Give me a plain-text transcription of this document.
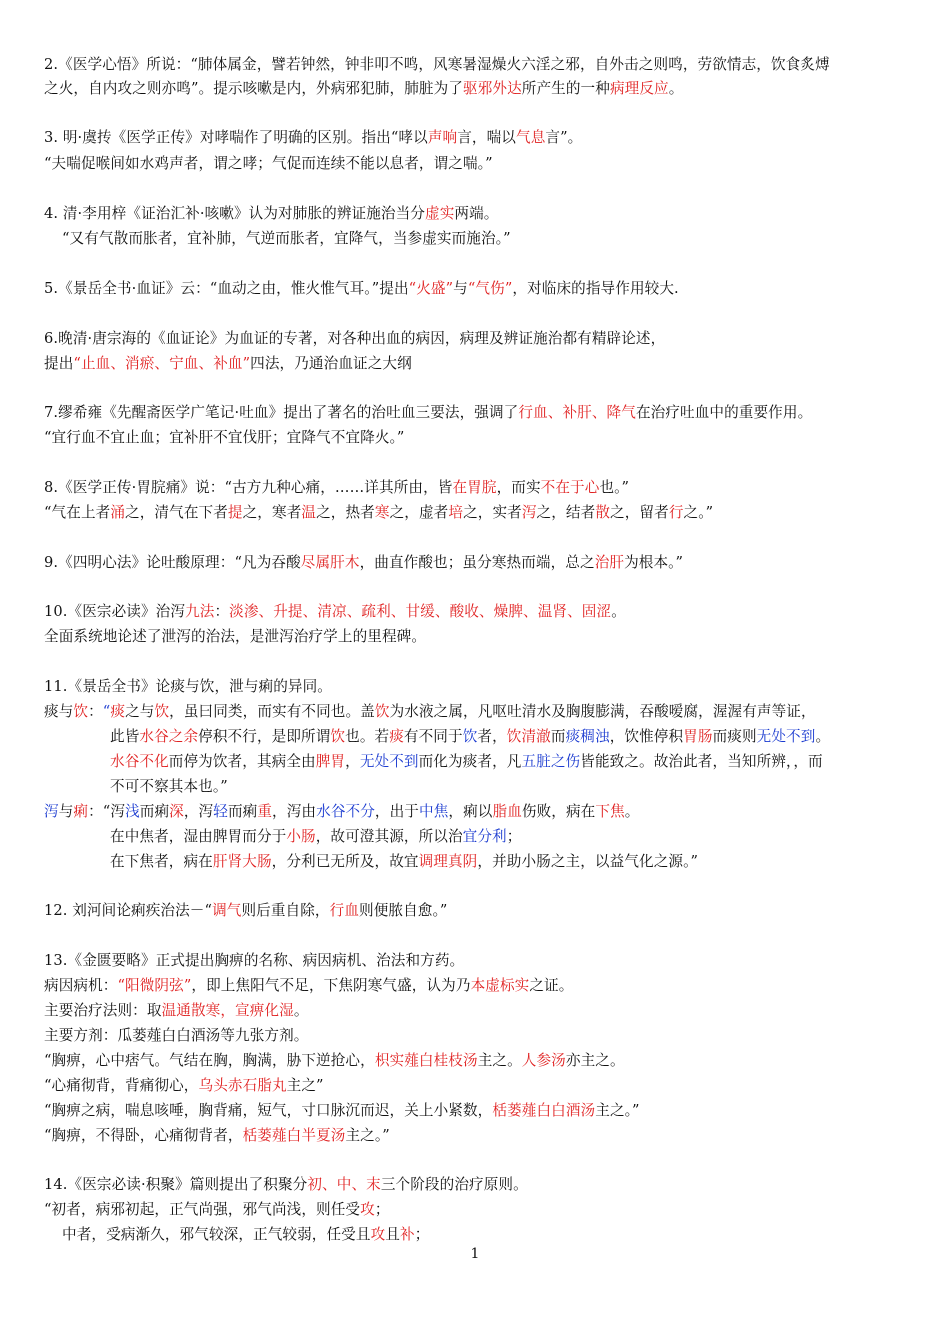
2.《医学心悟》所说：“肺体属金，譬若钟然，钟非叩不鸣，风寒暑湿燥火六淫之邪，自外击之则鸣，劳欲情志，饮食炙煿
之火，自内攻之则亦鸣”。提示咳嗽是内，外病邪犯肺，肺脏为了驱邪外达所产生的一种病理反应。
3. 明·虞抟《医学正传》对哮喘作了明确的区别。指出“哮以声响言，喘以气息言”。
“夫喘促喉间如水鸡声者，谓之哮；气促而连续不能以息者，谓之喘。”
4. 清·李用梓《证治汇补·咳嗽》认为对肺胀的辨证施治当分虚实两端。
“又有气散而胀者，宜补肺，气逆而胀者，宜降气，当参虚实而施治。”
5.《景岳全书·血证》云：“血动之由，惟火惟气耳。”提出“火盛”与“气伤”，对临床的指导作用较大.
6.晚清·唐宗海的《血证论》为血证的专著，对各种出血的病因，病理及辨证施治都有精辟论述，
提出“止血、消瘀、宁血、补血”四法，乃通治血证之大纲
7.缪希雍《先醒斋医学广笔记·吐血》提出了著名的治吐血三要法，强调了行血、补肝、降气在治疗吐血中的重要作用。
“宜行血不宜止血；宜补肝不宜伐肝；宜降气不宜降火。”
8.《医学正传·胃脘痛》说：“古方九种心痛，……详其所由，皆在胃脘，而实不在于心也。”
“气在上者涌之，清气在下者提之，寒者温之，热者寒之，虚者培之，实者泻之，结者散之，留者行之。”
9.《四明心法》论吐酸原理：“凡为吞酸尽属肝木，曲直作酸也；虽分寒热而端，总之治肝为根本。”
10.《医宗必读》治泻九法：淡渗、升提、清凉、疏利、甘缓、酸收、燥脾、温肾、固涩。
全面系统地论述了泄泻的治法，是泄泻治疗学上的里程碑。
11.《景岳全书》论痰与饮，泄与痢的异同。
痰与饮：“痰之与饮，虽曰同类，而实有不同也。盖饮为水液之属，凡呕吐清水及胸腹膨满，吞酸嗳腐，渥渥有声等证，
此皆水谷之余停积不行，是即所谓饮也。若痰有不同于饮者，饮清澈而痰稠浊，饮惟停积胃肠而痰则无处不到。
水谷不化而停为饮者，其病全由脾胃，无处不到而化为痰者，凡五脏之伤皆能致之。故治此者，当知所辨，，而
不可不察其本也。”
泻与痢：“泻浅而痢深，泻轻而痢重，泻由水谷不分，出于中焦，痢以脂血伤败，病在下焦。
在中焦者，湿由脾胃而分于小肠，故可澄其源，所以治宜分利；
在下焦者，病在肝肾大肠，分利已无所及，故宜调理真阴，并助小肠之主，以益气化之源。”
12. 刘河间论痢疾治法－“调气则后重自除，行血则便脓自愈。”
13.《金匮要略》正式提出胸痹的名称、病因病机、治法和方药。
病因病机：“阳微阴弦”，即上焦阳气不足，下焦阴寒气盛，认为乃本虚标实之证。
主要治疗法则：取温通散寒，宣痹化湿。
主要方剂：瓜蒌薤白白酒汤等九张方剂。
“胸痹，心中痞气。气结在胸，胸满，胁下逆抢心，枳实薤白桂枝汤主之。人参汤亦主之。
“心痛彻背，背痛彻心，乌头赤石脂丸主之”
“胸痹之病，喘息咳唾，胸背痛，短气，寸口脉沉而迟，关上小紧数，栝蒌薤白白酒汤主之。”
“胸痹，不得卧，心痛彻背者，栝蒌薤白半夏汤主之。”
14.《医宗必读·积聚》篇则提出了积聚分初、中、末三个阶段的治疗原则。
“初者，病邪初起，正气尚强，邪气尚浅，则任受攻；
中者，受病渐久，邪气较深，正气较弱，任受且攻且补；
1
